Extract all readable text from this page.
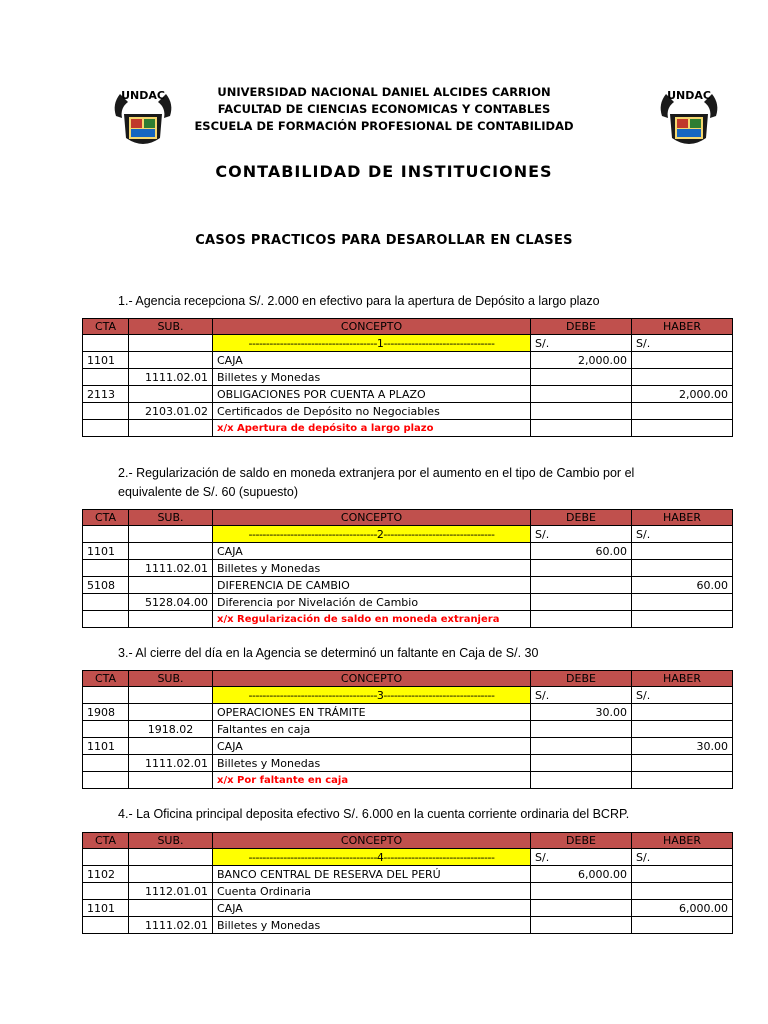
UNDAC	UNDAC
UNIVERSIDAD NACIONAL DANIEL ALCIDES CARRION
FACULTAD DE CIENCIAS ECONOMICAS Y CONTABLES
ESCUELA DE FORMACIÓN PROFESIONAL DE CONTABILIDAD
CONTABILIDAD DE INSTITUCIONES
CASOS PRACTICOS PARA DESAROLLAR EN CLASES
1.- Agencia recepciona S/. 2.000 en efectivo para la apertura de Depósito a largo plazo
CTA	SUB.	CONCEPTO	DEBE	HABER
		-------------------------------------1--------------------------------	S/.	S/.
1101		CAJA	2,000.00	
	1111.02.01	Billetes y Monedas		
2113		OBLIGACIONES POR CUENTA A PLAZO		2,000.00
	2103.01.02	Certificados de Depósito no Negociables		
		x/x Apertura de depósito a largo plazo		
2.- Regularización de saldo en moneda extranjera por el aumento en el tipo de Cambio por el equivalente de S/. 60 (supuesto)
CTA	SUB.	CONCEPTO	DEBE	HABER
		-------------------------------------2--------------------------------	S/.	S/.
1101		CAJA	60.00	
	1111.02.01	Billetes y Monedas		
5108		DIFERENCIA DE CAMBIO		60.00
	5128.04.00	Diferencia por Nivelación de Cambio		
		x/x Regularización de saldo en moneda extranjera		
3.- Al cierre del día en la Agencia se determinó un faltante en Caja de S/. 30
CTA	SUB.	CONCEPTO	DEBE	HABER
		-------------------------------------3--------------------------------	S/.	S/.
1908		OPERACIONES EN TRÁMITE	30.00	
	1918.02	Faltantes en caja		
1101		CAJA		30.00
	1111.02.01	Billetes y Monedas		
		x/x Por faltante en caja		
4.- La Oficina principal deposita efectivo S/. 6.000 en la cuenta corriente ordinaria del BCRP.
CTA	SUB.	CONCEPTO	DEBE	HABER
		-------------------------------------4--------------------------------	S/.	S/.
1102		BANCO CENTRAL DE RESERVA DEL PERÚ	6,000.00	
	1112.01.01	Cuenta Ordinaria		
1101		CAJA		6,000.00
	1111.02.01	Billetes y Monedas		
